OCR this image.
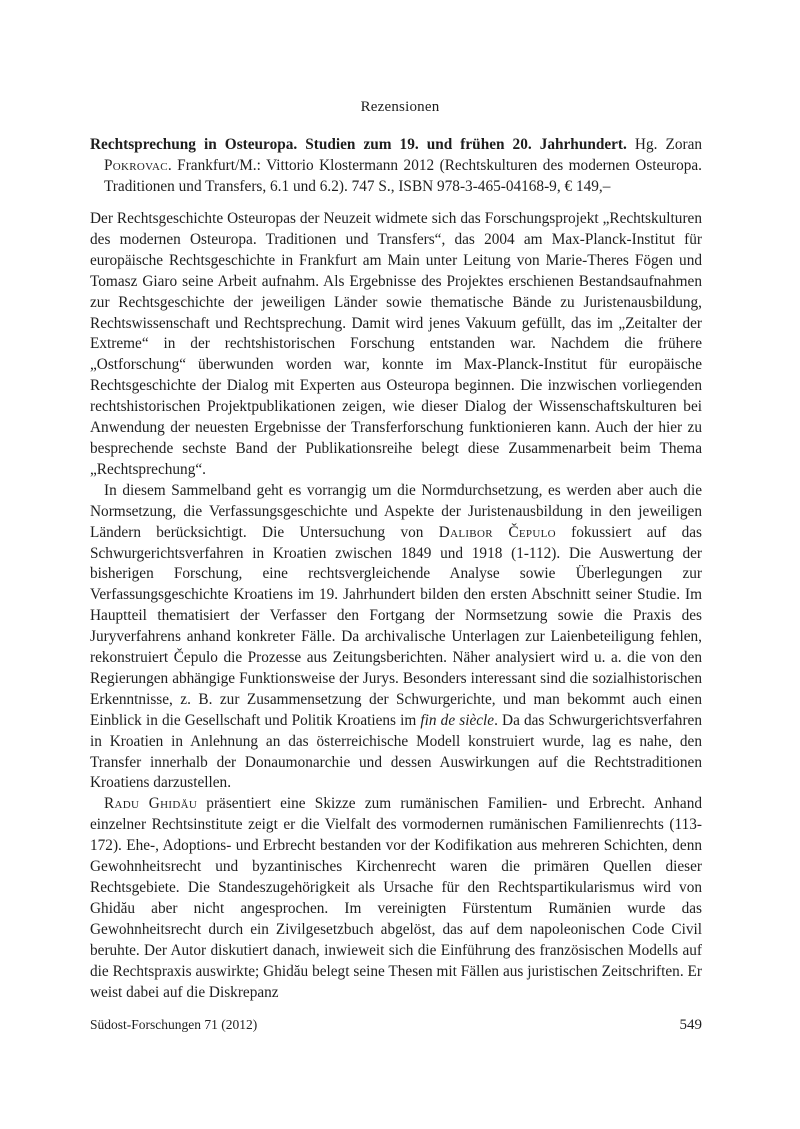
Rezensionen

Rechtsprechung in Osteuropa. Studien zum 19. und frühen 20. Jahrhundert. Hg. Zoran Pokrovac. Frankfurt/M.: Vittorio Klostermann 2012 (Rechtskulturen des modernen Osteuropa. Traditionen und Transfers, 6.1 und 6.2). 747 S., ISBN 978-3-465-04168-9, € 149,–

Der Rechtsgeschichte Osteuropas der Neuzeit widmete sich das Forschungsprojekt „Rechtskulturen des modernen Osteuropa. Traditionen und Transfers“, das 2004 am Max-Planck-Institut für europäische Rechtsgeschichte in Frankfurt am Main unter Leitung von Marie-Theres Fögen und Tomasz Giaro seine Arbeit aufnahm. Als Ergebnisse des Projektes erschienen Bestandsaufnahmen zur Rechtsgeschichte der jeweiligen Länder sowie thematische Bände zu Juristenausbildung, Rechtswissenschaft und Rechtsprechung. Damit wird jenes Vakuum gefüllt, das im „Zeitalter der Extreme“ in der rechtshistorischen Forschung entstanden war. Nachdem die frühere „Ostforschung“ überwunden worden war, konnte im Max-Planck-Institut für europäische Rechtsgeschichte der Dialog mit Experten aus Osteuropa beginnen. Die inzwischen vorliegenden rechtshistorischen Projektpublikationen zeigen, wie dieser Dialog der Wissenschaftskulturen bei Anwendung der neuesten Ergebnisse der Transferforschung funktionieren kann. Auch der hier zu besprechende sechste Band der Publikationsreihe belegt diese Zusammenarbeit beim Thema „Rechtsprechung“.

In diesem Sammelband geht es vorrangig um die Normdurchsetzung, es werden aber auch die Normsetzung, die Verfassungsgeschichte und Aspekte der Juristenausbildung in den jeweiligen Ländern berücksichtigt. Die Untersuchung von Dalibor Čepulo fokussiert auf das Schwurgerichtsverfahren in Kroatien zwischen 1849 und 1918 (1-112). Die Auswertung der bisherigen Forschung, eine rechtsvergleichende Analyse sowie Überlegungen zur Verfassungsgeschichte Kroatiens im 19. Jahrhundert bilden den ersten Abschnitt seiner Studie. Im Hauptteil thematisiert der Verfasser den Fortgang der Normsetzung sowie die Praxis des Juryverfahrens anhand konkreter Fälle. Da archivalische Unterlagen zur Laienbeteiligung fehlen, rekonstruiert Čepulo die Prozesse aus Zeitungsberichten. Näher analysiert wird u. a. die von den Regierungen abhängige Funktionsweise der Jurys. Besonders interessant sind die sozialhistorischen Erkenntnisse, z. B. zur Zusammensetzung der Schwurgerichte, und man bekommt auch einen Einblick in die Gesellschaft und Politik Kroatiens im fin de siècle. Da das Schwurgerichtsverfahren in Kroatien in Anlehnung an das österreichische Modell konstruiert wurde, lag es nahe, den Transfer innerhalb der Donaumonarchie und dessen Auswirkungen auf die Rechtstraditionen Kroatiens darzustellen.

Radu Ghidău präsentiert eine Skizze zum rumänischen Familien- und Erbrecht. Anhand einzelner Rechtsinstitute zeigt er die Vielfalt des vormodernen rumänischen Familienrechts (113-172). Ehe-, Adoptions- und Erbrecht bestanden vor der Kodifikation aus mehreren Schichten, denn Gewohnheitsrecht und byzantinisches Kirchenrecht waren die primären Quellen dieser Rechtsgebiete. Die Standeszugehörigkeit als Ursache für den Rechtspartikularismus wird von Ghidău aber nicht angesprochen. Im vereinigten Fürstentum Rumänien wurde das Gewohnheitsrecht durch ein Zivilgesetzbuch abgelöst, das auf dem napoleonischen Code Civil beruhte. Der Autor diskutiert danach, inwieweit sich die Einführung des französischen Modells auf die Rechtspraxis auswirkte; Ghidău belegt seine Thesen mit Fällen aus juristischen Zeitschriften. Er weist dabei auf die Diskrepanz

Südost-Forschungen 71 (2012)	549
